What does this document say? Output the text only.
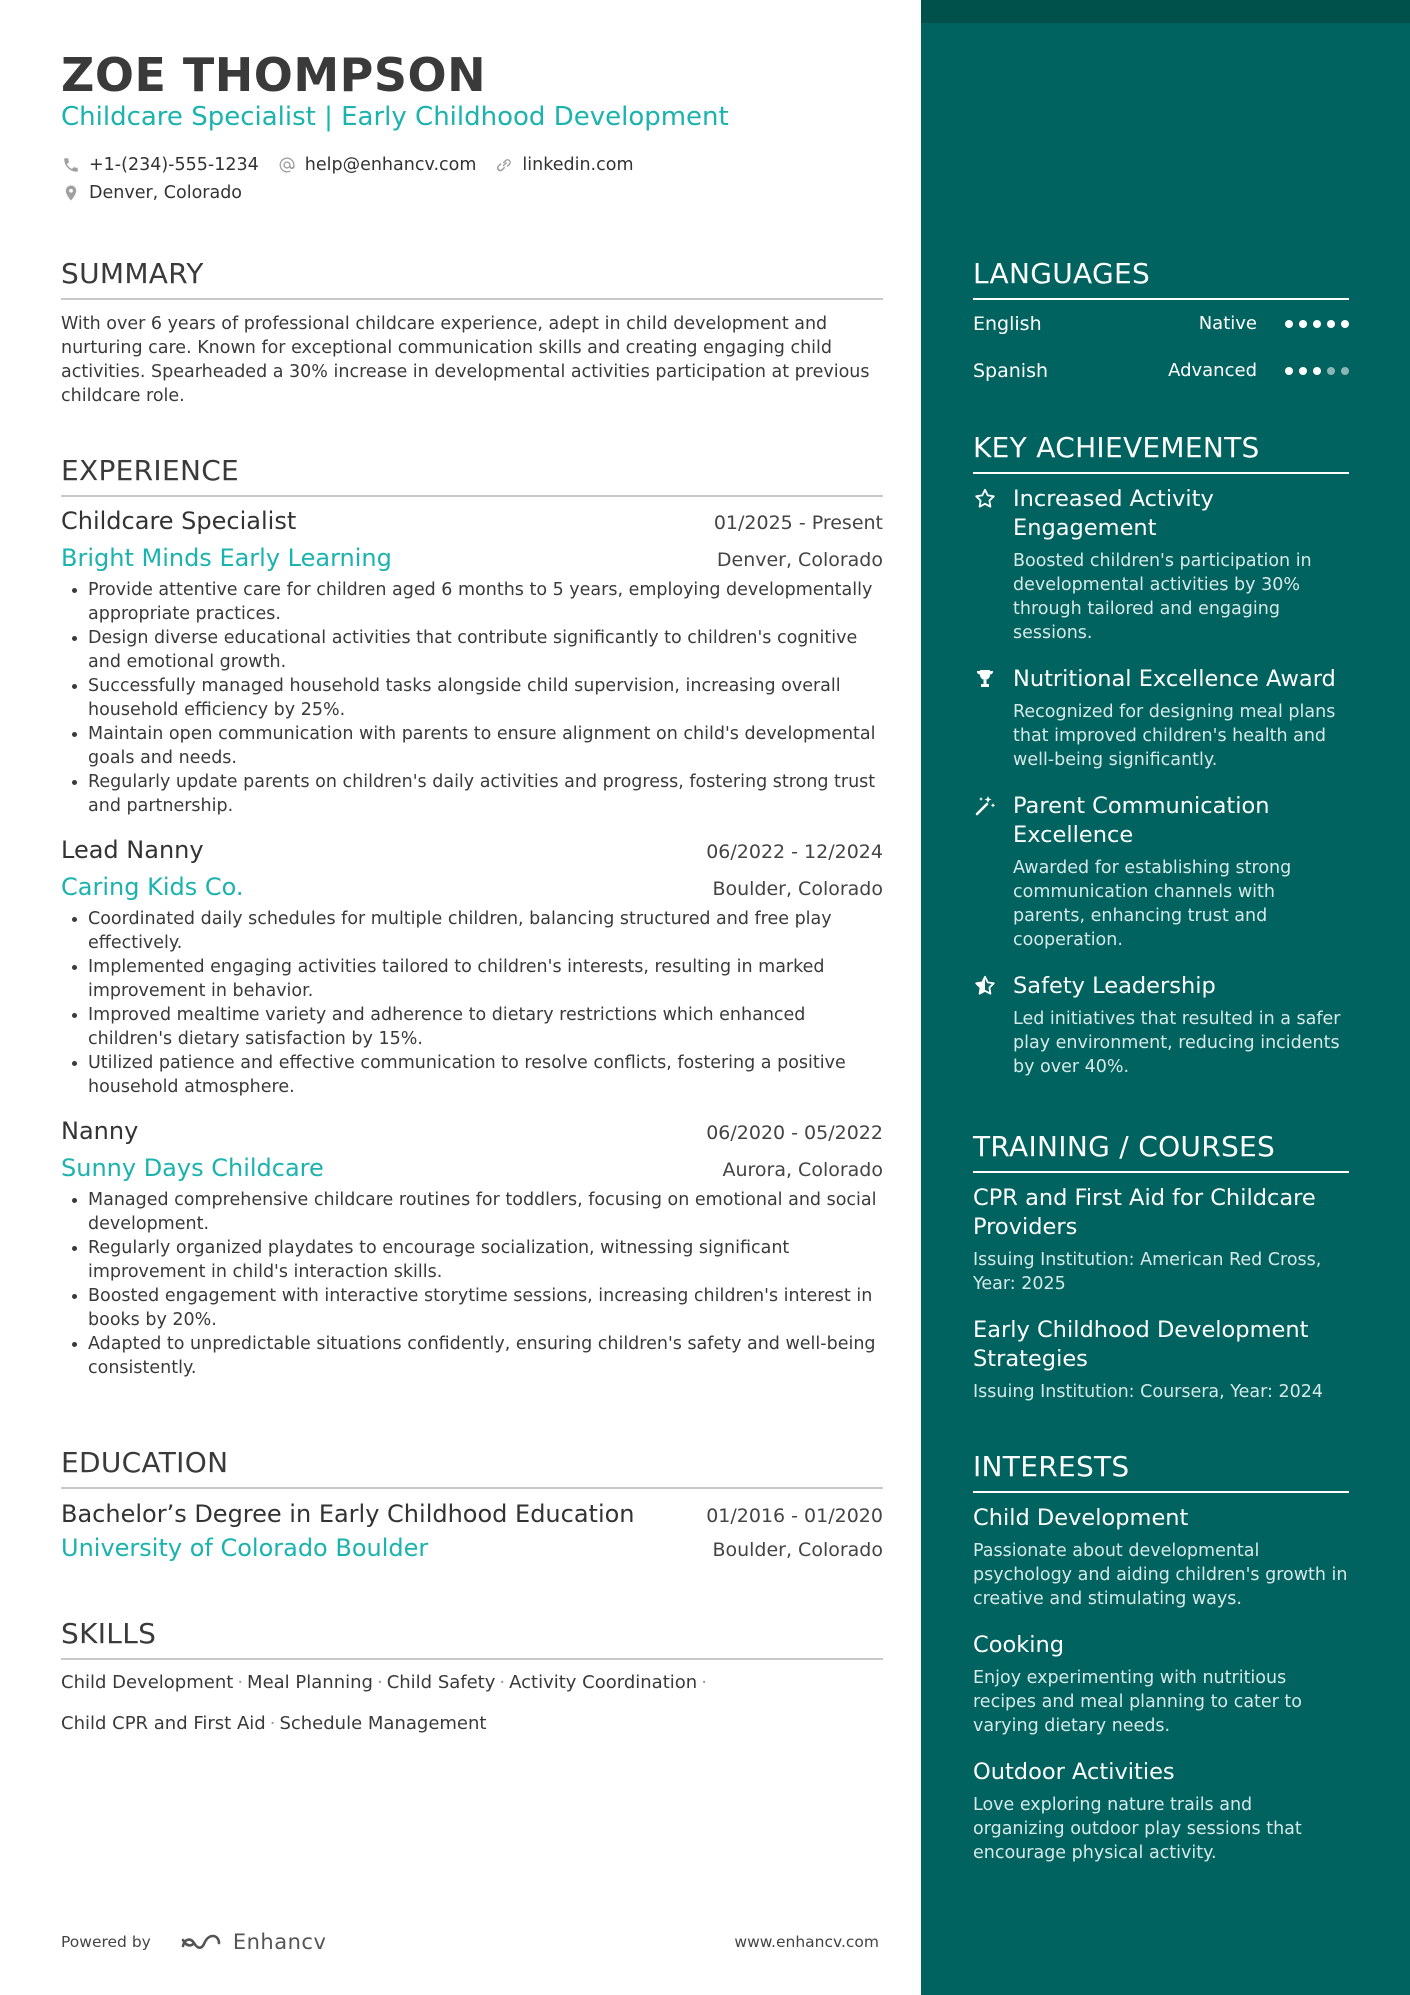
ZOE THOMPSON
Childcare Specialist | Early Childhood Development
+1-(234)-555-1234	help@enhancv.com	linkedin.com
Denver, Colorado
SUMMARY
With over 6 years of professional childcare experience, adept in child development and nurturing care. Known for exceptional communication skills and creating engaging child activities. Spearheaded a 30% increase in developmental activities participation at previous childcare role.
EXPERIENCE
Childcare Specialist	01/2025 - Present
Bright Minds Early Learning	Denver, Colorado
Provide attentive care for children aged 6 months to 5 years, employing developmentally appropriate practices.
Design diverse educational activities that contribute significantly to children's cognitive and emotional growth.
Successfully managed household tasks alongside child supervision, increasing overall household efficiency by 25%.
Maintain open communication with parents to ensure alignment on child's developmental goals and needs.
Regularly update parents on children's daily activities and progress, fostering strong trust and partnership.
Lead Nanny	06/2022 - 12/2024
Caring Kids Co.	Boulder, Colorado
Coordinated daily schedules for multiple children, balancing structured and free play effectively.
Implemented engaging activities tailored to children's interests, resulting in marked improvement in behavior.
Improved mealtime variety and adherence to dietary restrictions which enhanced children's dietary satisfaction by 15%.
Utilized patience and effective communication to resolve conflicts, fostering a positive household atmosphere.
Nanny	06/2020 - 05/2022
Sunny Days Childcare	Aurora, Colorado
Managed comprehensive childcare routines for toddlers, focusing on emotional and social development.
Regularly organized playdates to encourage socialization, witnessing significant improvement in child's interaction skills.
Boosted engagement with interactive storytime sessions, increasing children's interest in books by 20%.
Adapted to unpredictable situations confidently, ensuring children's safety and well-being consistently.
EDUCATION
Bachelor’s Degree in Early Childhood Education	01/2016 - 01/2020
University of Colorado Boulder	Boulder, Colorado
SKILLS
Child Development · Meal Planning · Child Safety · Activity Coordination ·
Child CPR and First Aid · Schedule Management
Powered by	Enhancv	www.enhancv.com
LANGUAGES
English	Native
Spanish	Advanced
KEY ACHIEVEMENTS
Increased Activity Engagement
Boosted children's participation in developmental activities by 30% through tailored and engaging sessions.
Nutritional Excellence Award
Recognized for designing meal plans that improved children's health and well-being significantly.
Parent Communication Excellence
Awarded for establishing strong communication channels with parents, enhancing trust and cooperation.
Safety Leadership
Led initiatives that resulted in a safer play environment, reducing incidents by over 40%.
TRAINING / COURSES
CPR and First Aid for Childcare Providers
Issuing Institution: American Red Cross, Year: 2025
Early Childhood Development Strategies
Issuing Institution: Coursera, Year: 2024
INTERESTS
Child Development
Passionate about developmental psychology and aiding children's growth in creative and stimulating ways.
Cooking
Enjoy experimenting with nutritious recipes and meal planning to cater to varying dietary needs.
Outdoor Activities
Love exploring nature trails and organizing outdoor play sessions that encourage physical activity.
